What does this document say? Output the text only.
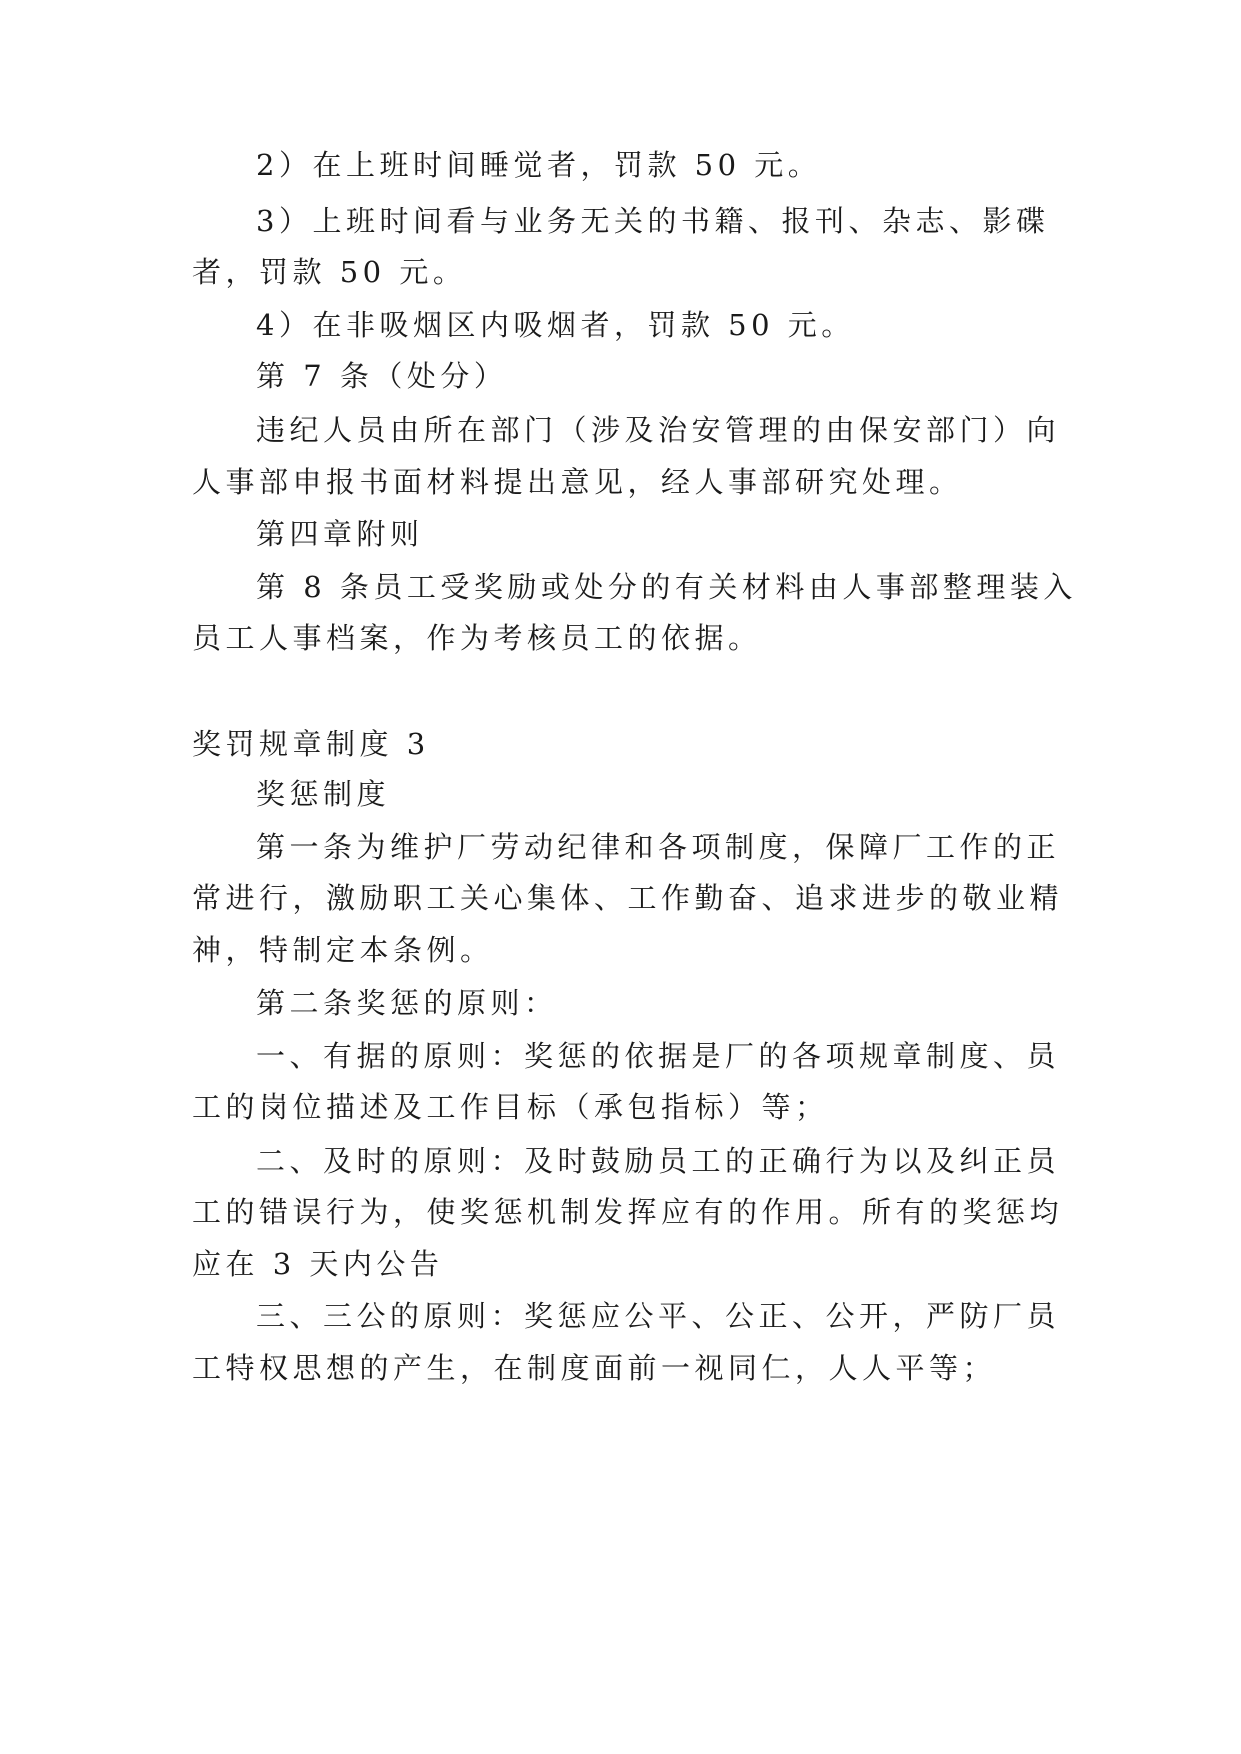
2）在上班时间睡觉者，罚款 50 元。
3）上班时间看与业务无关的书籍、报刊、杂志、影碟
者，罚款 50 元。
4）在非吸烟区内吸烟者，罚款 50 元。
第 7 条（处分）
违纪人员由所在部门（涉及治安管理的由保安部门）向
人事部申报书面材料提出意见，经人事部研究处理。
第四章附则
第 8 条员工受奖励或处分的有关材料由人事部整理装入
员工人事档案，作为考核员工的依据。
奖罚规章制度 3
奖惩制度
第一条为维护厂劳动纪律和各项制度，保障厂工作的正
常进行，激励职工关心集体、工作勤奋、追求进步的敬业精
神，特制定本条例。
第二条奖惩的原则：
一、有据的原则：奖惩的依据是厂的各项规章制度、员
工的岗位描述及工作目标（承包指标）等；
二、及时的原则：及时鼓励员工的正确行为以及纠正员
工的错误行为，使奖惩机制发挥应有的作用。所有的奖惩均
应在 3 天内公告
三、三公的原则：奖惩应公平、公正、公开，严防厂员
工特权思想的产生，在制度面前一视同仁，人人平等；
